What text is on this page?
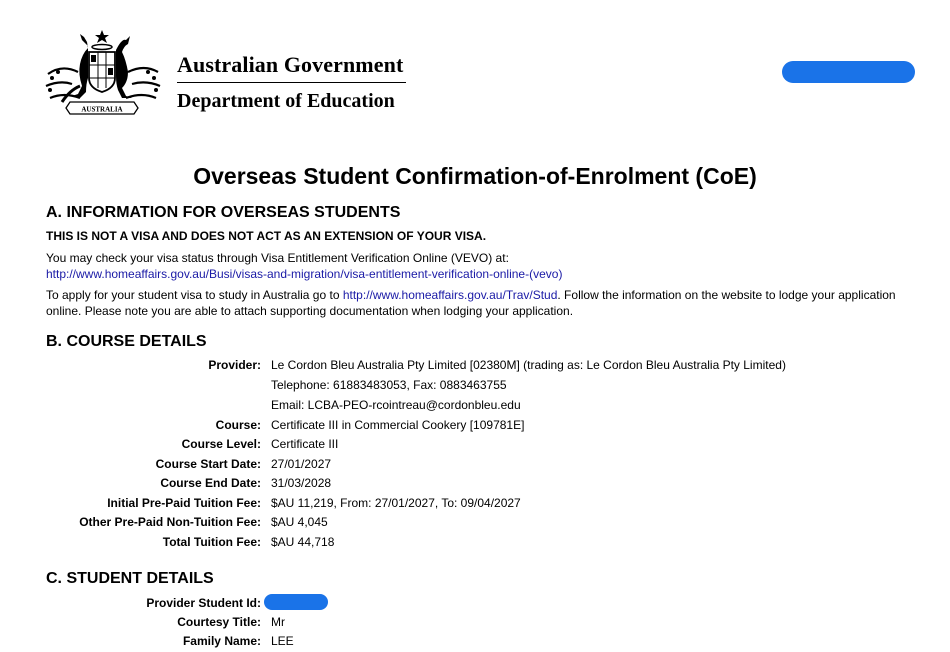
AUSTRALIA
Australian Government
Department of Education
Overseas Student Confirmation-of-Enrolment (CoE)
A. INFORMATION FOR OVERSEAS STUDENTS
THIS IS NOT A VISA AND DOES NOT ACT AS AN EXTENSION OF YOUR VISA.
You may check your visa status through Visa Entitlement Verification Online (VEVO) at:
http://www.homeaffairs.gov.au/Busi/visas-and-migration/visa-entitlement-verification-online-(vevo)
To apply for your student visa to study in Australia go to http://www.homeaffairs.gov.au/Trav/Stud. Follow the information on the website to lodge your application online. Please note you are able to attach supporting documentation when lodging your application.
B. COURSE DETAILS
Provider: Le Cordon Bleu Australia Pty Limited [02380M] (trading as: Le Cordon Bleu Australia Pty Limited)
Telephone: 61883483053, Fax: 0883463755
Email: LCBA-PEO-rcointreau@cordonbleu.edu
Course: Certificate III in Commercial Cookery [109781E]
Course Level: Certificate III
Course Start Date: 27/01/2027
Course End Date: 31/03/2028
Initial Pre-Paid Tuition Fee: $AU 11,219, From: 27/01/2027, To: 09/04/2027
Other Pre-Paid Non-Tuition Fee: $AU 4,045
Total Tuition Fee: $AU 44,718
C. STUDENT DETAILS
Provider Student Id:
Courtesy Title: Mr
Family Name: LEE
